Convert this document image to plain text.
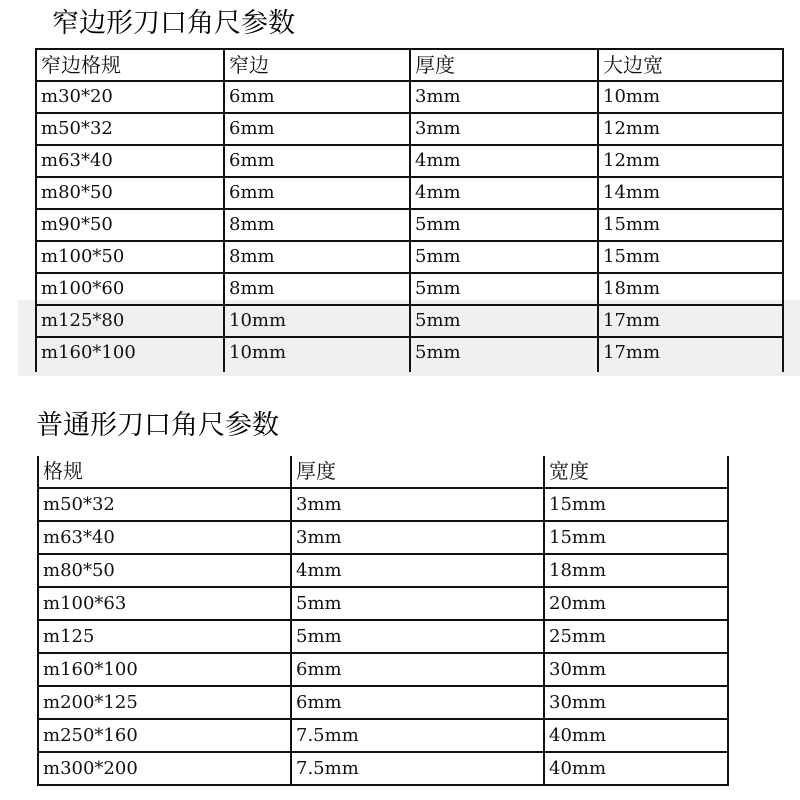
窄边形刀口角尺参数
窄边格规	窄边	厚度	大边宽
m30*20	6mm	3mm	10mm
m50*32	6mm	3mm	12mm
m63*40	6mm	4mm	12mm
m80*50	6mm	4mm	14mm
m90*50	8mm	5mm	15mm
m100*50	8mm	5mm	15mm
m100*60	8mm	5mm	18mm
m125*80	10mm	5mm	17mm
m160*100	10mm	5mm	17mm

普通形刀口角尺参数
格规	厚度	宽度
m50*32	3mm	15mm
m63*40	3mm	15mm
m80*50	4mm	18mm
m100*63	5mm	20mm
m125	5mm	25mm
m160*100	6mm	30mm
m200*125	6mm	30mm
m250*160	7.5mm	40mm
m300*200	7.5mm	40mm
